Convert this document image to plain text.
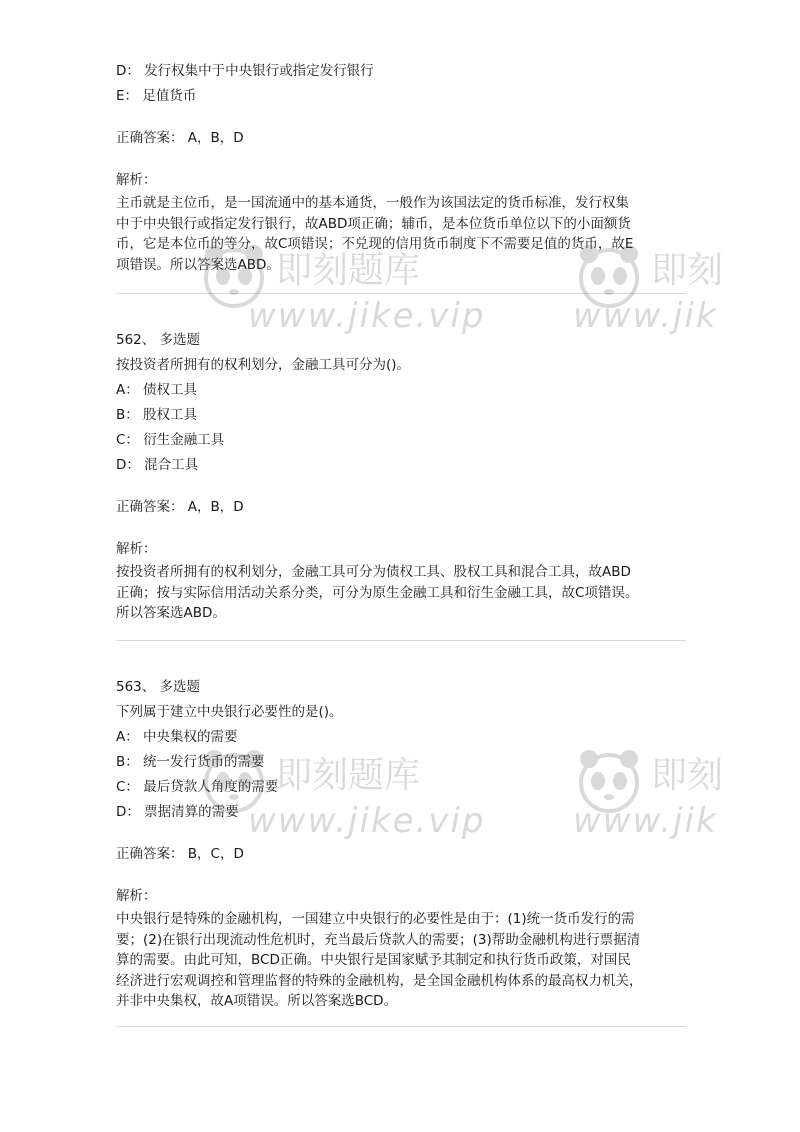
D： 发行权集中于中央银行或指定发行银行
E： 足值货币
正确答案： A，B，D
解析：
主币就是主位币，是一国流通中的基本通货，一般作为该国法定的货币标准，发行权集
中于中央银行或指定发行银行，故ABD项正确；辅币，是本位货币单位以下的小面额货
币，它是本位币的等分，故C项错误；不兑现的信用货币制度下不需要足值的货币，故E
项错误。所以答案选ABD。
562、 多选题
按投资者所拥有的权利划分，金融工具可分为()。
A： 债权工具
B： 股权工具
C： 衍生金融工具
D： 混合工具
正确答案： A，B，D
解析：
按投资者所拥有的权利划分，金融工具可分为债权工具、股权工具和混合工具，故ABD
正确；按与实际信用活动关系分类，可分为原生金融工具和衍生金融工具，故C项错误。
所以答案选ABD。
563、 多选题
下列属于建立中央银行必要性的是()。
A： 中央集权的需要
B： 统一发行货币的需要
C： 最后贷款人角度的需要
D： 票据清算的需要
正确答案： B，C，D
解析：
中央银行是特殊的金融机构，一国建立中央银行的必要性是由于：(1)统一货币发行的需
要；(2)在银行出现流动性危机时，充当最后贷款人的需要；(3)帮助金融机构进行票据清
算的需要。由此可知，BCD正确。中央银行是国家赋予其制定和执行货币政策，对国民
经济进行宏观调控和管理监督的特殊的金融机构，是全国金融机构体系的最高权力机关，
并非中央集权，故A项错误。所以答案选BCD。
即刻题库
www.jike.vip
即刻
www.jik
即刻题库
www.jike.vip
即刻
www.jik
